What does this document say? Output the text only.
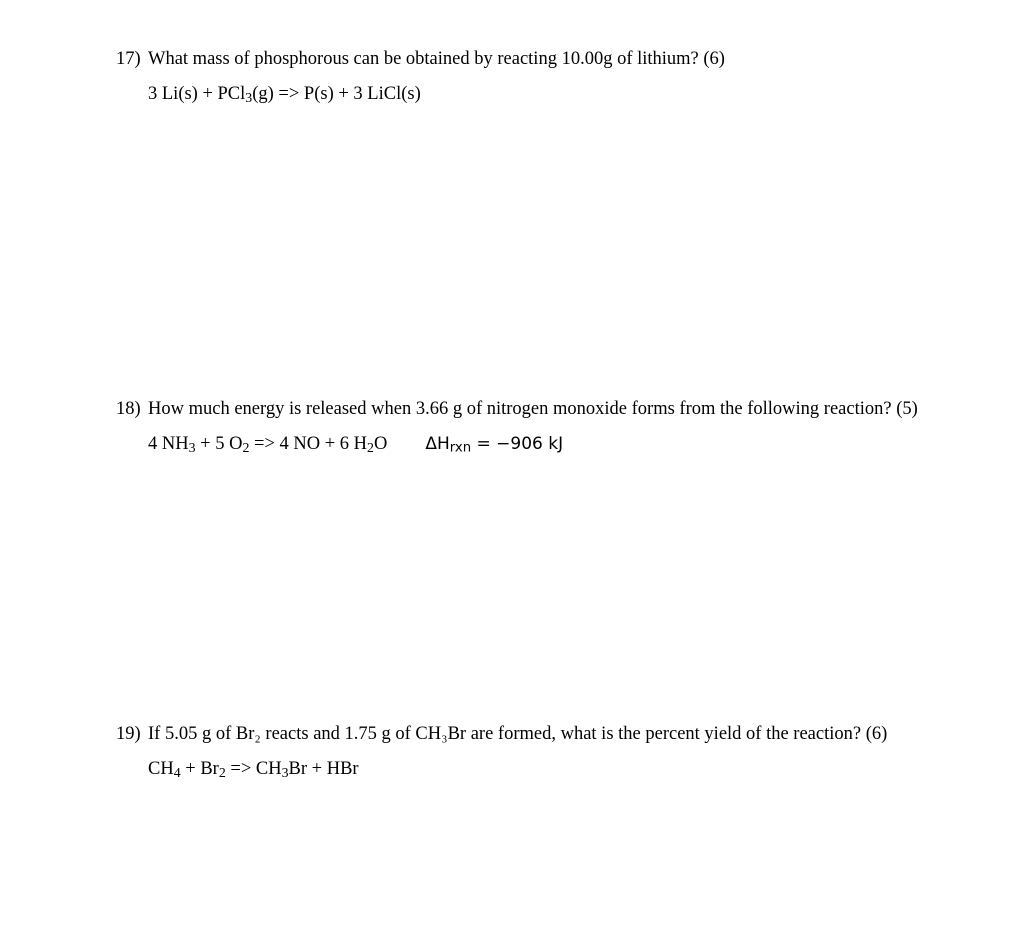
17) What mass of phosphorous can be obtained by reacting 10.00g of lithium? (6)
3 Li(s) + PCl$_3$(g) => P(s) + 3 LiCl(s)
18) How much energy is released when 3.66 g of nitrogen monoxide forms from the following reaction? (5)
4 $NH_3 + 5$ $O_2 => 4$ NO + 6 $H_2O$ $\Delta H_{rxn} = -906$ kJ
19) If 5.05 g of Br₂ reacts and 1.75 g of CH₃Br are formed, what is the percent yield of the reaction? (6)
$CH_4 + Br_2 => CH_3Br$ + HBr
